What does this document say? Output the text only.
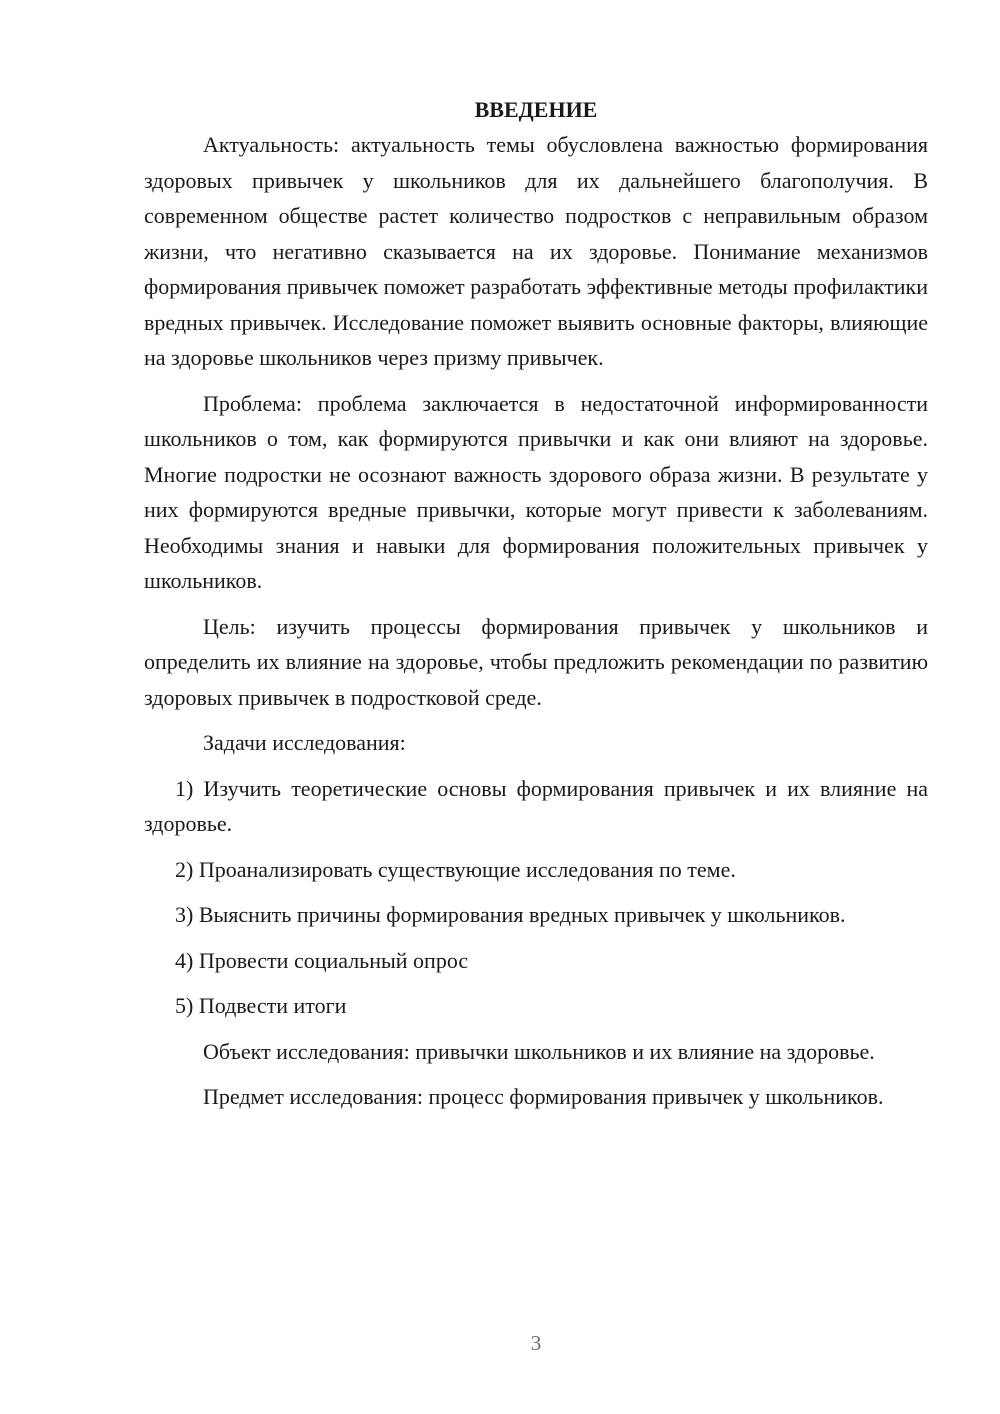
ВВЕДЕНИЕ

Актуальность: актуальность темы обусловлена важностью формирования здоровых привычек у школьников для их дальнейшего благополучия. В современном обществе растет количество подростков с неправильным образом жизни, что негативно сказывается на их здоровье. Понимание механизмов формирования привычек поможет разработать эффективные методы профилактики вредных привычек. Исследование поможет выявить основные факторы, влияющие на здоровье школьников через призму привычек.

Проблема: проблема заключается в недостаточной информированности школьников о том, как формируются привычки и как они влияют на здоровье. Многие подростки не осознают важность здорового образа жизни. В результате у них формируются вредные привычки, которые могут привести к заболеваниям. Необходимы знания и навыки для формирования положительных привычек у школьников.

Цель: изучить процессы формирования привычек у школьников и определить их влияние на здоровье, чтобы предложить рекомендации по развитию здоровых привычек в подростковой среде.

Задачи исследования:

1) Изучить теоретические основы формирования привычек и их влияние на здоровье.

2) Проанализировать существующие исследования по теме.

3) Выяснить причины формирования вредных привычек у школьников.

4) Провести социальный опрос

5) Подвести итоги

Объект исследования: привычки школьников и их влияние на здоровье.

Предмет исследования: процесс формирования привычек у школьников.

3
